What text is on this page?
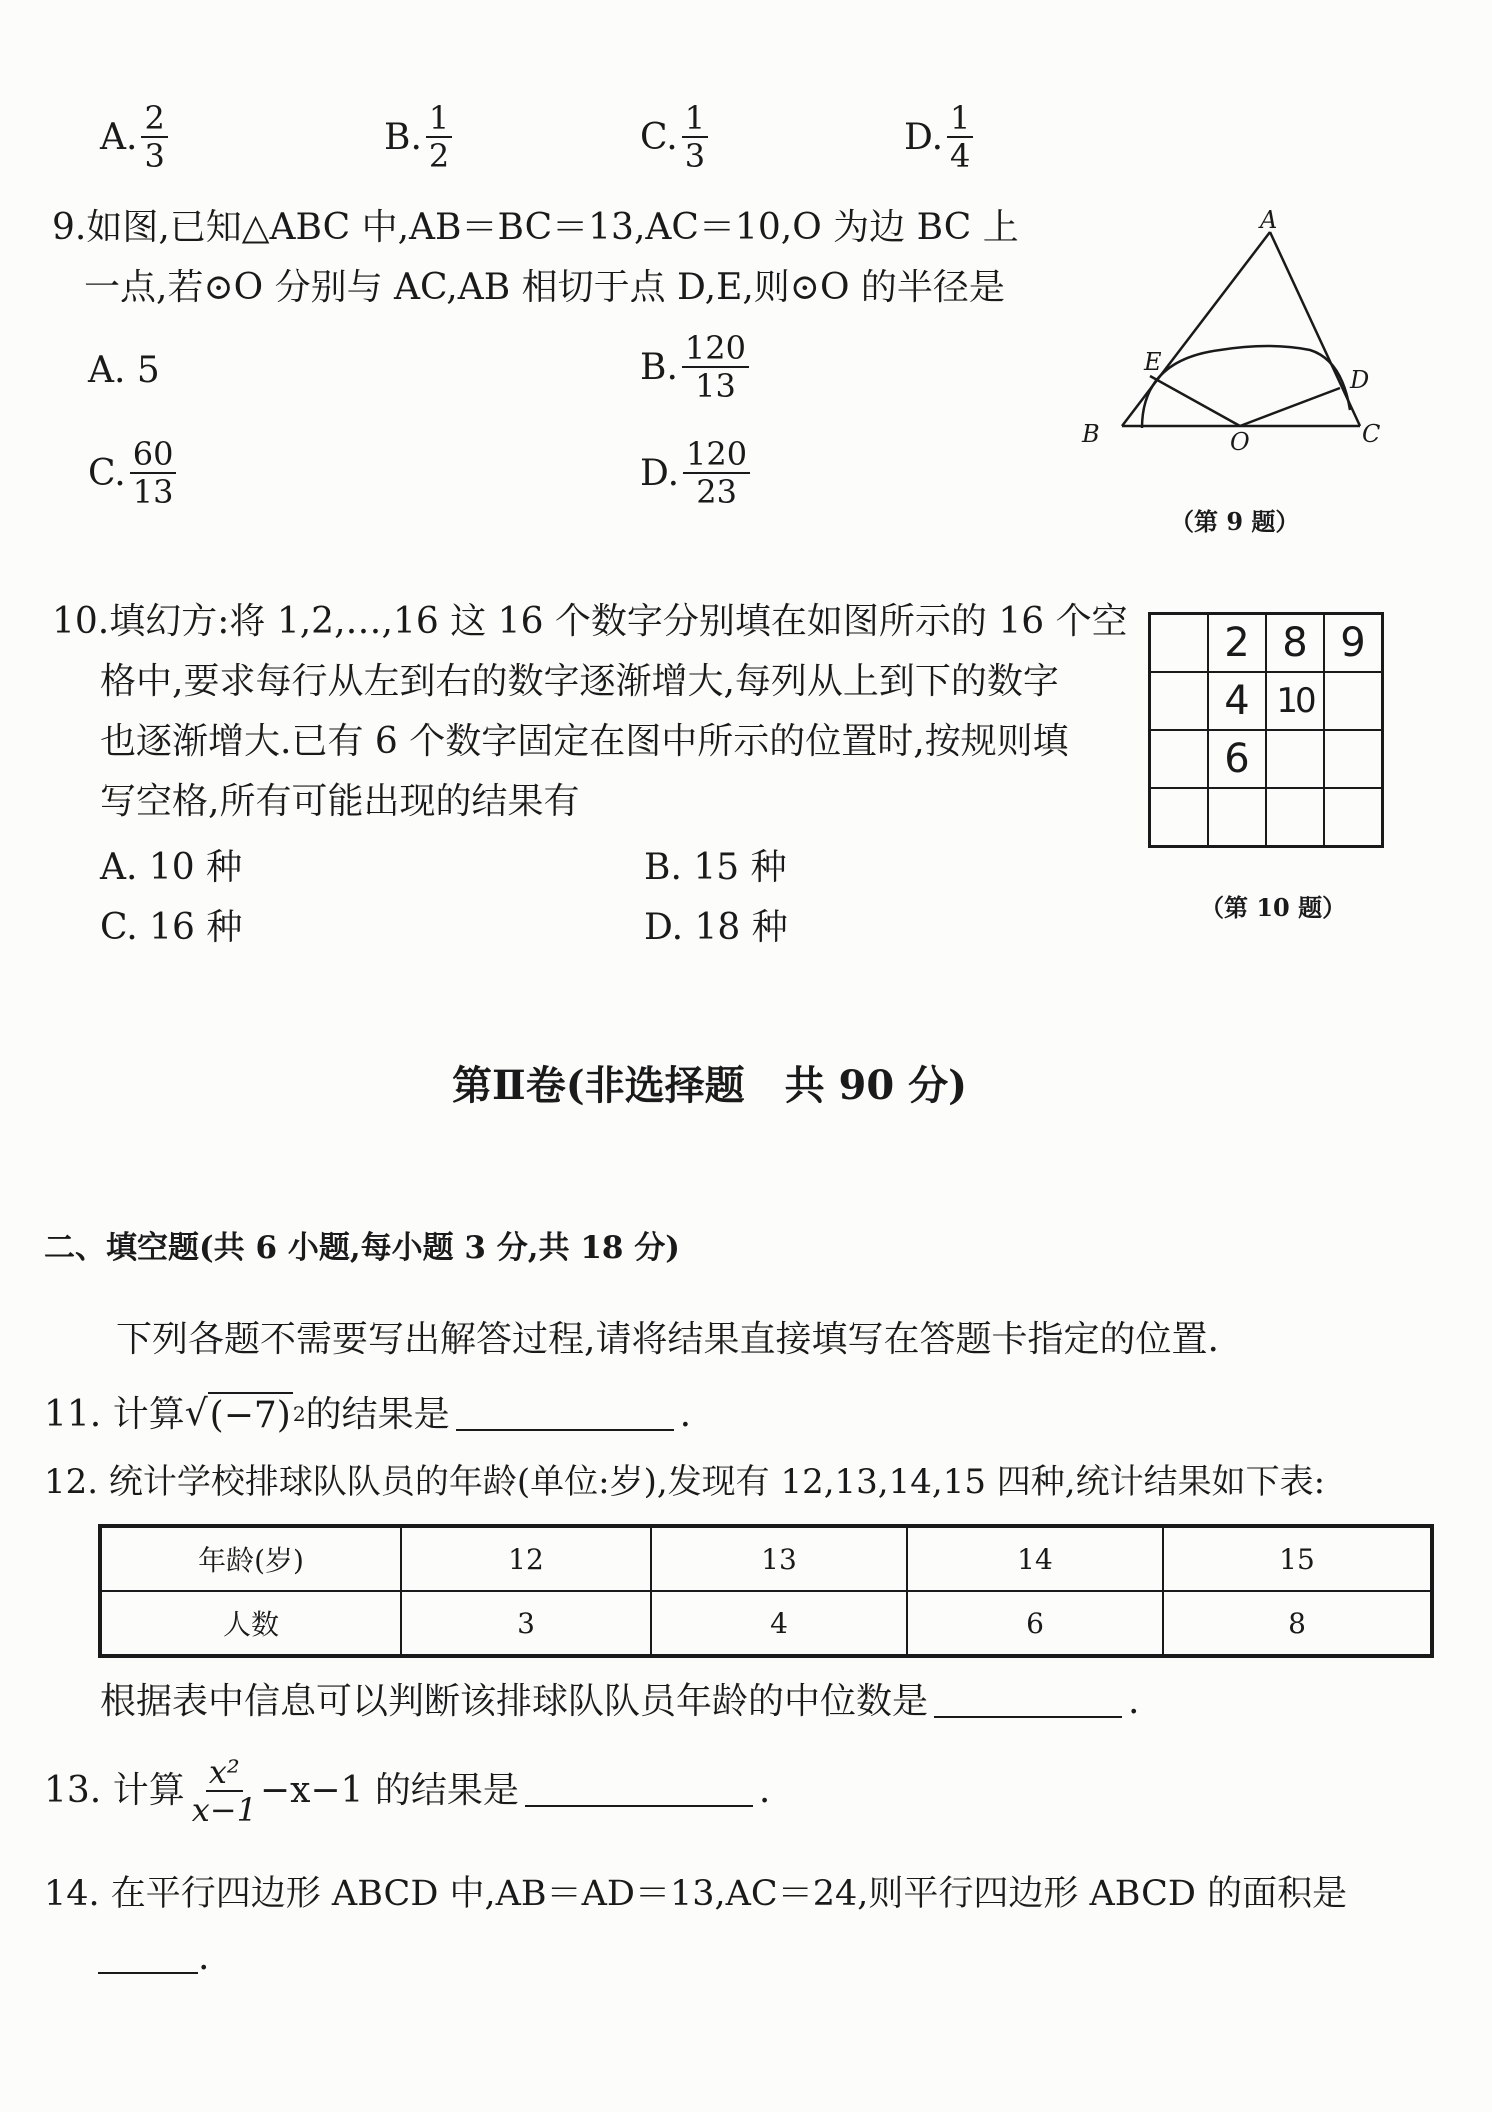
A. $\frac{2}{3}$	B. $\frac{1}{2}$	C. $\frac{1}{3}$	D. $\frac{1}{4}$
9.如图,已知△ABC 中,AB＝BC＝13,AC＝10,O 为边 BC 上
一点,若⊙O 分别与 AC,AB 相切于点 D,E,则⊙O 的半径是
A. 5	B. $\frac{120}{13}$
C. $\frac{60}{13}$	D. $\frac{120}{23}$
A
E
D
B	O	C
（第 9 题）
10.填幻方:将 1,2,…,16 这 16 个数字分别填在如图所示的 16 个空
格中,要求每行从左到右的数字逐渐增大,每列从上到下的数字
也逐渐增大.已有 6 个数字固定在图中所示的位置时,按规则填
写空格,所有可能出现的结果有
A. 10 种	B. 15 种
C. 16 种	D. 18 种
	2	8	9
	4	10	
	6		

（第 10 题）
第Ⅱ卷(非选择题　共 90 分)
二、填空题(共 6 小题,每小题 3 分,共 18 分)
下列各题不需要写出解答过程,请将结果直接填写在答题卡指定的位置.
11. 计算 √ (−7) 2 的结果是	.
12. 统计学校排球队队员的年龄(单位:岁),发现有 12,13,14,15 四种,统计结果如下表:
年龄(岁)	12	13	14	15
人数	3	4	6	8
根据表中信息可以判断该排球队队员年龄的中位数是	.
13. 计算 $\frac{\text{x²}}{x-1} -x-1$ 的结果是	.
14. 在平行四边形 ABCD 中,AB＝AD＝13,AC＝24,则平行四边形 ABCD 的面积是
.
